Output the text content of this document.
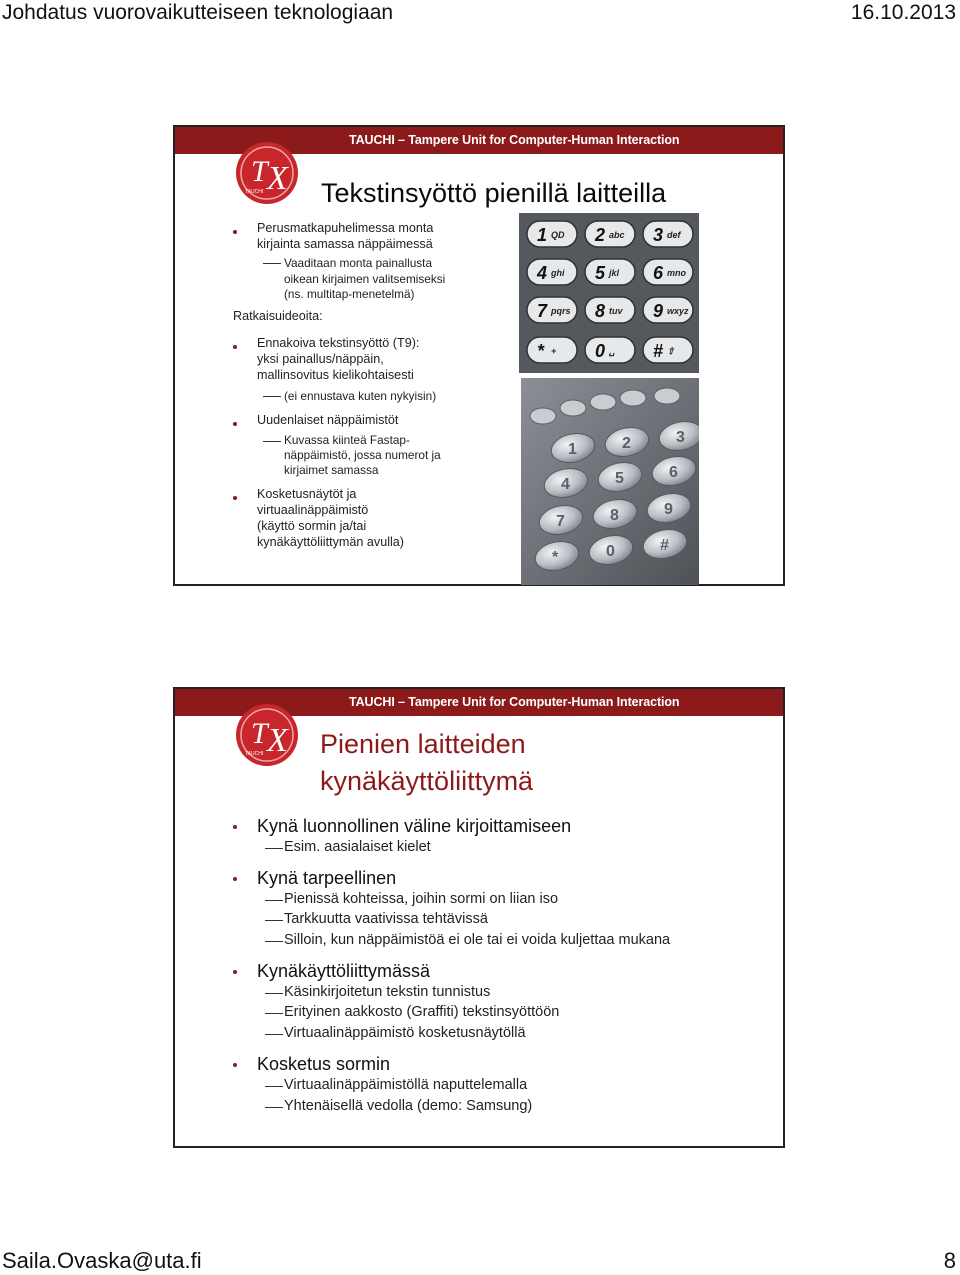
Johdatus vuorovaikutteiseen teknologiaan	16.10.2013
Saila.Ovaska@uta.fi	8
TAUCHI – Tampere Unit for Computer-Human Interaction
T X
TAUCHI Tekstinsyöttö pienillä laitteilla
Perusmatkapuhelimessa monta
kirjainta samassa näppäimessä
Vaaditaan monta painallusta
oikean kirjaimen valitsemiseksi
(ns. multitap-menetelmä)
Ratkaisuideoita:
Ennakoiva tekstinsyöttö (T9):
yksi painallus/näppäin,
mallinsovitus kielikohtaisesti
(ei ennustava kuten nykyisin)
Uudenlaiset näppäimistöt
Kuvassa kiinteä Fastap-
näppäimistö, jossa numerot ja
kirjaimet samassa
Kosketusnäytöt ja
virtuaalinäppäimistö
(käyttö sormin ja/tai
kynäkäyttöliittymän avulla)
1 QD 2 abc 3 def
4 ghi 5 jkl 6 mno
7 pqrs 8 tuv 9 wxyz
* + 0 ␣ # ⇧
1	2	3
4	5	6
7	8	9
*	0	#
TAUCHI – Tampere Unit for Computer-Human Interaction
T X
TAUCHI Pienien laitteiden
kynäkäyttöliittymä
Kynä luonnollinen väline kirjoittamiseen
Esim. aasialaiset kielet
Kynä tarpeellinen
Pienissä kohteissa, joihin sormi on liian iso
Tarkkuutta vaativissa tehtävissä
Silloin, kun näppäimistöä ei ole tai ei voida kuljettaa mukana
Kynäkäyttöliittymässä
Käsinkirjoitetun tekstin tunnistus
Erityinen aakkosto (Graffiti) tekstinsyöttöön
Virtuaalinäppäimistö kosketusnäytöllä
Kosketus sormin
Virtuaalinäppäimistöllä naputtelemalla
Yhtenäisellä vedolla (demo: Samsung)
